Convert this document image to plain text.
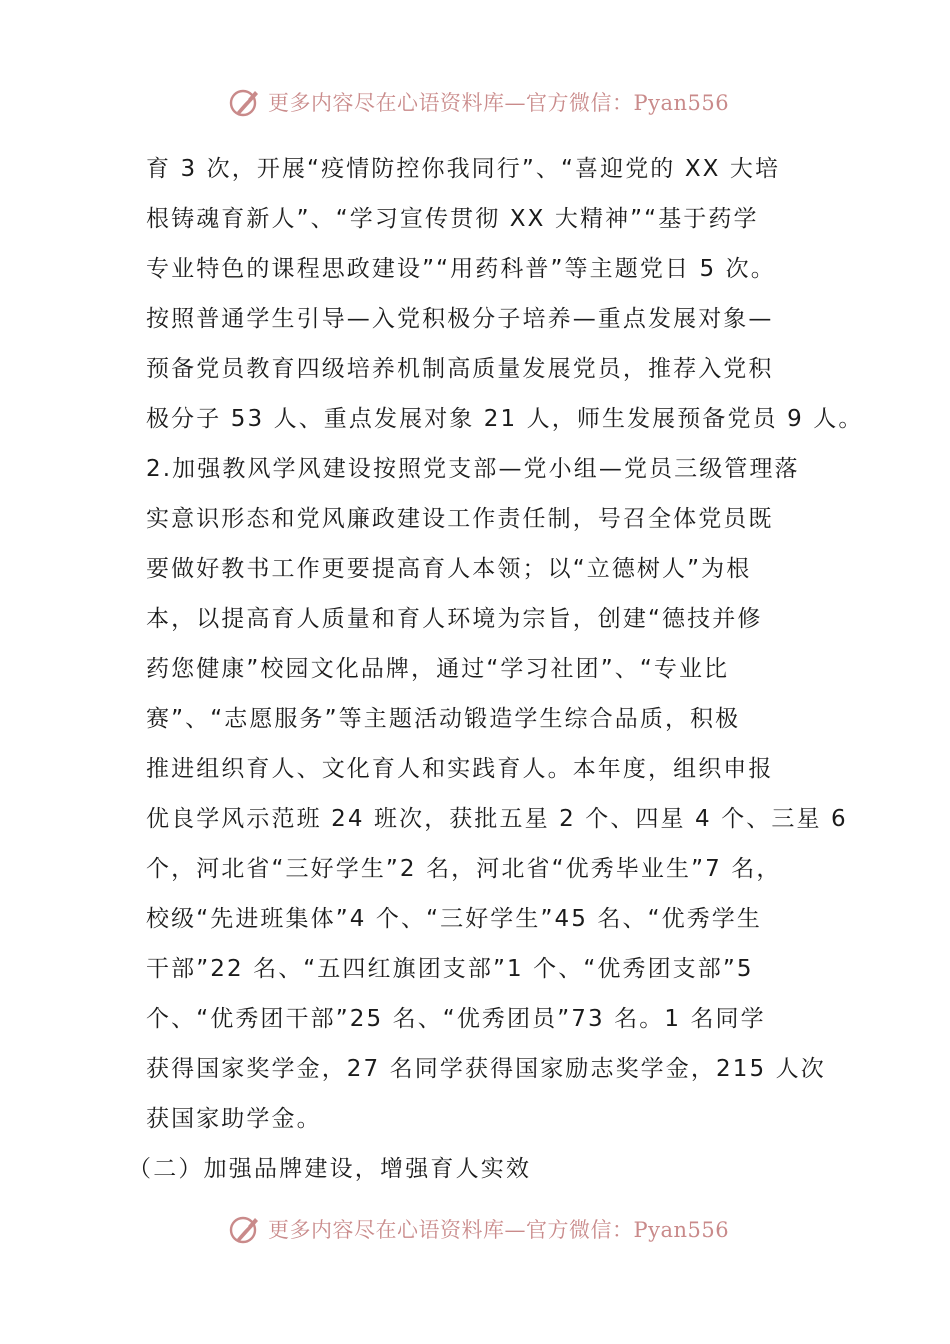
更多内容尽在心语资料库—官方微信：Pyan556
育 3 次，开展“疫情防控你我同行”、“喜迎党的 XX 大培
根铸魂育新人”、“学习宣传贯彻 XX 大精神”“基于药学
专业特色的课程思政建设”“用药科普”等主题党日 5 次。
按照普通学生引导—入党积极分子培养—重点发展对象—
预备党员教育四级培养机制高质量发展党员，推荐入党积
极分子 53 人、重点发展对象 21 人，师生发展预备党员 9 人。
2.加强教风学风建设按照党支部—党小组—党员三级管理落
实意识形态和党风廉政建设工作责任制，号召全体党员既
要做好教书工作更要提高育人本领；以“立德树人”为根
本，以提高育人质量和育人环境为宗旨，创建“德技并修
药您健康”校园文化品牌，通过“学习社团”、“专业比
赛”、“志愿服务”等主题活动锻造学生综合品质，积极
推进组织育人、文化育人和实践育人。本年度，组织申报
优良学风示范班 24 班次，获批五星 2 个、四星 4 个、三星 6
个，河北省“三好学生”2 名，河北省“优秀毕业生”7 名，
校级“先进班集体”4 个、“三好学生”45 名、“优秀学生
干部”22 名、“五四红旗团支部”1 个、“优秀团支部”5
个、“优秀团干部”25 名、“优秀团员”73 名。1 名同学
获得国家奖学金，27 名同学获得国家励志奖学金，215 人次
获国家助学金。
（二）加强品牌建设，增强育人实效
更多内容尽在心语资料库—官方微信：Pyan556
